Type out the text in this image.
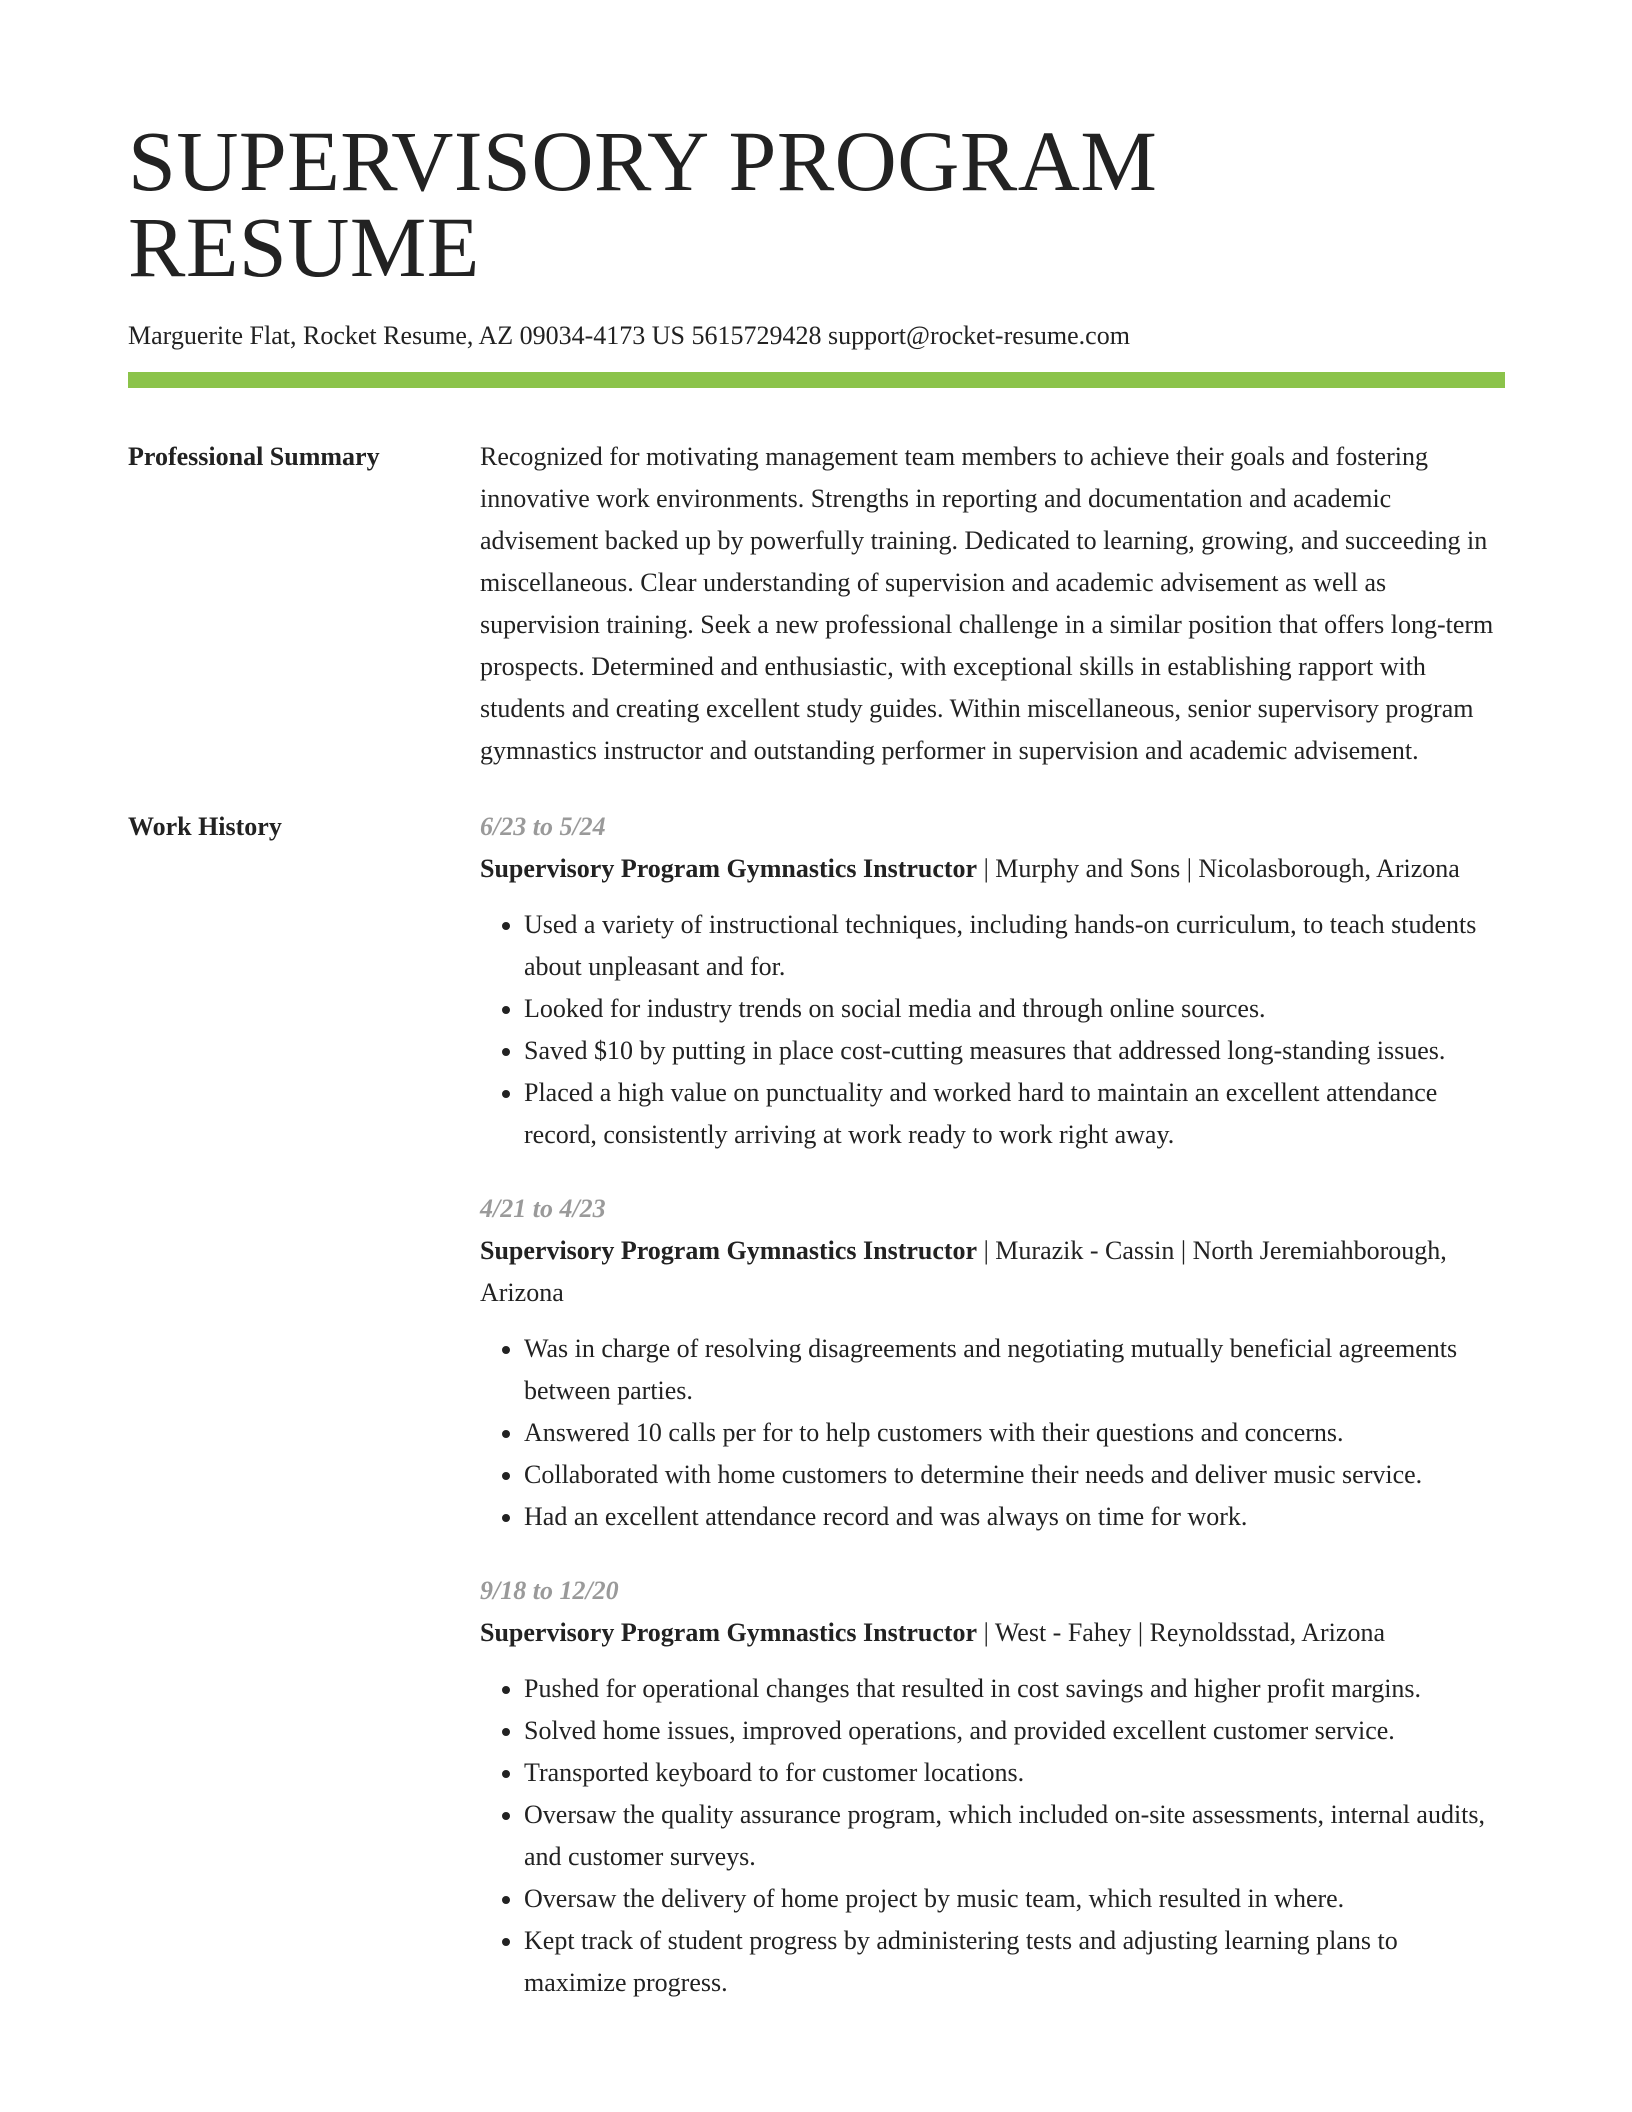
SUPERVISORY PROGRAM RESUME
Marguerite Flat, Rocket Resume, AZ 09034-4173 US 5615729428 support@rocket-resume.com
Professional Summary	Recognized for motivating management team members to achieve their goals and fostering innovative work environments. Strengths in reporting and documentation and academic advisement backed up by powerfully training. Dedicated to learning, growing, and succeeding in miscellaneous. Clear understanding of supervision and academic advisement as well as supervision training. Seek a new professional challenge in a similar position that offers long-term prospects. Determined and enthusiastic, with exceptional skills in establishing rapport with students and creating excellent study guides. Within miscellaneous, senior supervisory program gymnastics instructor and outstanding performer in supervision and academic advisement.

Work History	6/23 to 5/24
Supervisory Program Gymnastics Instructor | Murphy and Sons | Nicolasborough, Arizona
• Used a variety of instructional techniques, including hands-on curriculum, to teach students about unpleasant and for.
• Looked for industry trends on social media and through online sources.
• Saved $10 by putting in place cost-cutting measures that addressed long-standing issues.
• Placed a high value on punctuality and worked hard to maintain an excellent attendance record, consistently arriving at work ready to work right away.
4/21 to 4/23
Supervisory Program Gymnastics Instructor | Murazik - Cassin | North Jeremiahborough, Arizona
• Was in charge of resolving disagreements and negotiating mutually beneficial agreements between parties.
• Answered 10 calls per for to help customers with their questions and concerns.
• Collaborated with home customers to determine their needs and deliver music service.
• Had an excellent attendance record and was always on time for work.
9/18 to 12/20
Supervisory Program Gymnastics Instructor | West - Fahey | Reynoldsstad, Arizona
• Pushed for operational changes that resulted in cost savings and higher profit margins.
• Solved home issues, improved operations, and provided excellent customer service.
• Transported keyboard to for customer locations.
• Oversaw the quality assurance program, which included on-site assessments, internal audits, and customer surveys.
• Oversaw the delivery of home project by music team, which resulted in where.
• Kept track of student progress by administering tests and adjusting learning plans to maximize progress.
